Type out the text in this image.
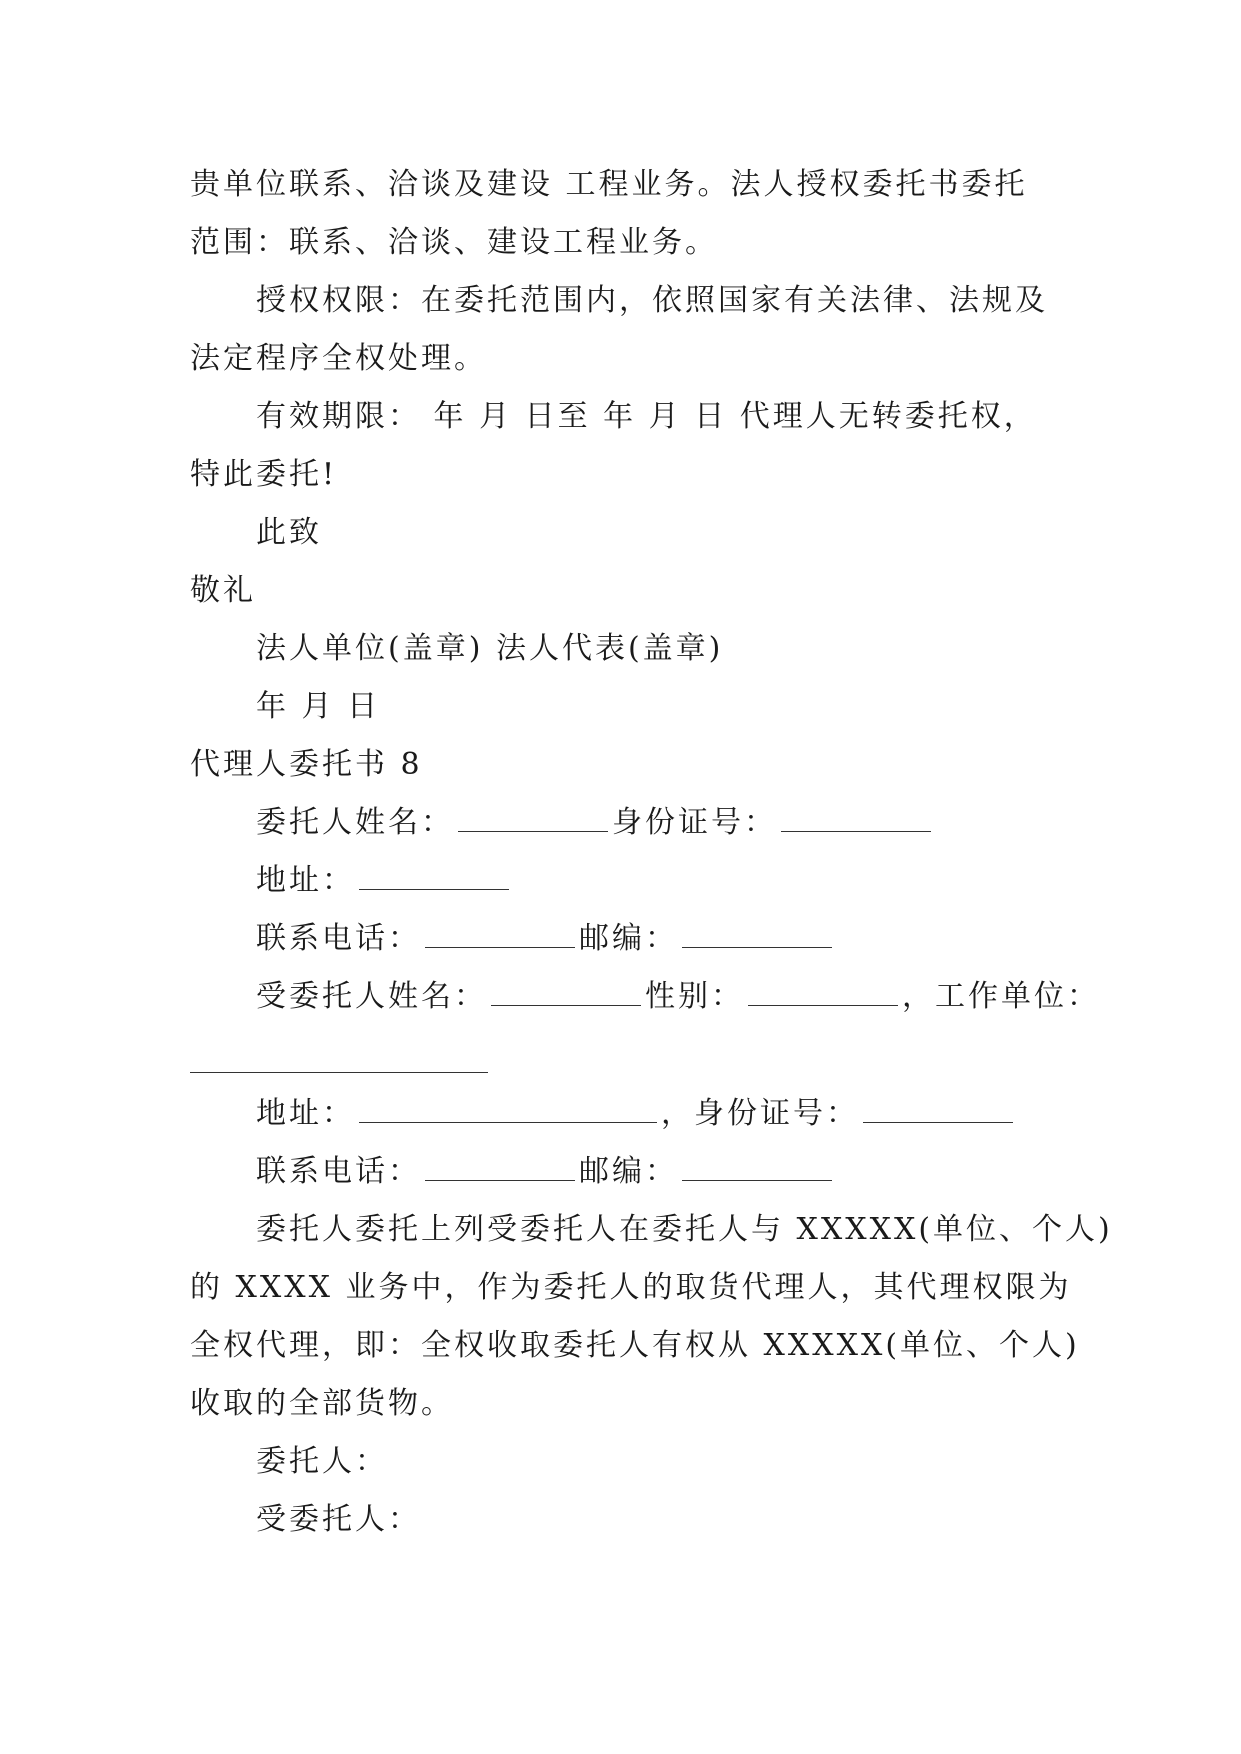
贵单位联系、洽谈及建设 工程业务。法人授权委托书委托
范围：联系、洽谈、建设工程业务。
授权权限：在委托范围内，依照国家有关法律、法规及
法定程序全权处理。
有效期限： 年 月 日至 年 月 日 代理人无转委托权，
特此委托!
此致
敬礼
法人单位(盖章) 法人代表(盖章)
年 月 日
代理人委托书 8
委托人姓名：	身份证号：
地址：
联系电话：	邮编：
受委托人姓名：	性别：	，工作单位：
地址：	，身份证号：
联系电话：	邮编：
委托人委托上列受委托人在委托人与 XXXXX(单位、个人)
的 XXXX 业务中，作为委托人的取货代理人，其代理权限为
全权代理，即：全权收取委托人有权从 XXXXX(单位、个人)
收取的全部货物。
委托人：
受委托人：
